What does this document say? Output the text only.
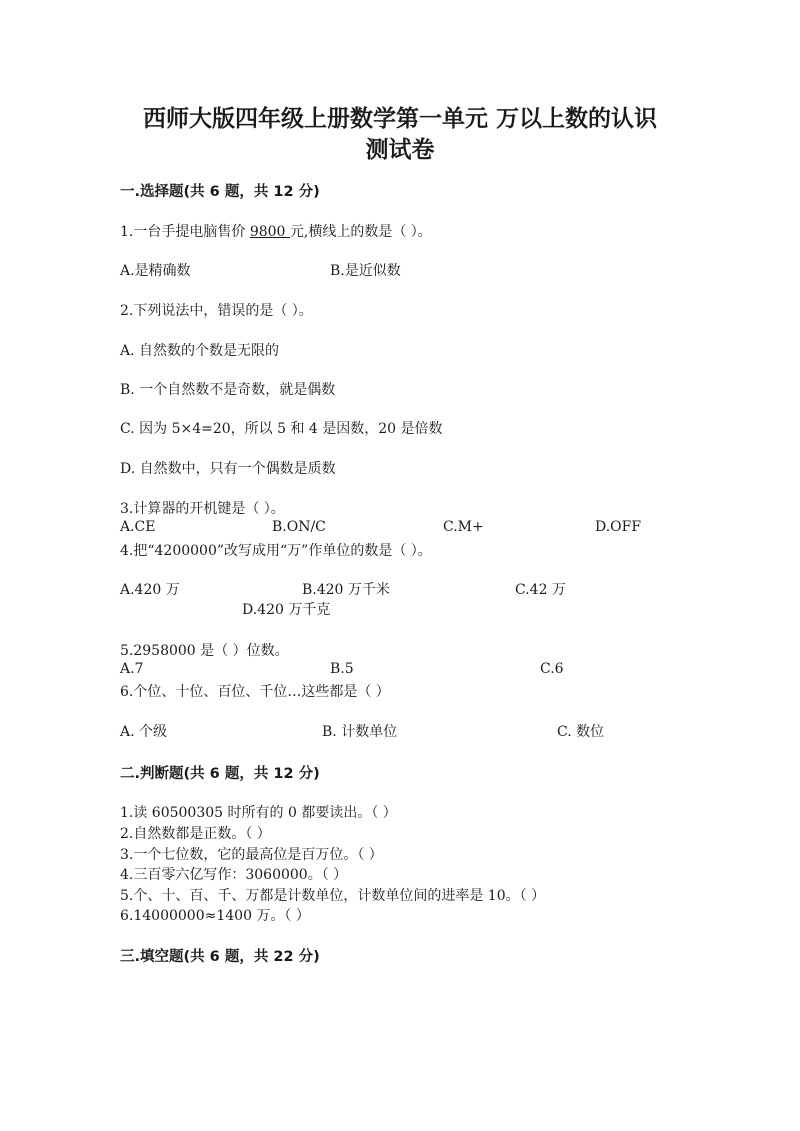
西师大版四年级上册数学第一单元 万以上数的认识
测试卷
一.选择题(共 6 题，共 12 分)
1.一台手提电脑售价 9800 元,横线上的数是（ ）。
A.是精确数	B.是近似数
2.下列说法中，错误的是（ ）。
A. 自然数的个数是无限的
B. 一个自然数不是奇数，就是偶数
C. 因为 5×4=20，所以 5 和 4 是因数，20 是倍数
D. 自然数中，只有一个偶数是质数
3.计算器的开机键是（ ）。
A.CE	B.ON/C	C.M+	D.OFF
4.把“4200000”改写成用“万”作单位的数是（ ）。
A.420 万	B.420 万千米	C.42 万
D.420 万千克
5.2958000 是（ ）位数。
A.7	B.5	C.6
6.个位、十位、百位、千位…这些都是（ ）
A. 个级	B. 计数单位	C. 数位
二.判断题(共 6 题，共 12 分)
1.读 60500305 时所有的 0 都要读出。（ ）
2.自然数都是正数。（ ）
3.一个七位数，它的最高位是百万位。（ ）
4.三百零六亿写作：3060000。（ ）
5.个、十、百、千、万都是计数单位，计数单位间的进率是 10。（ ）
6.14000000≈1400 万。（ ）
三.填空题(共 6 题，共 22 分)
